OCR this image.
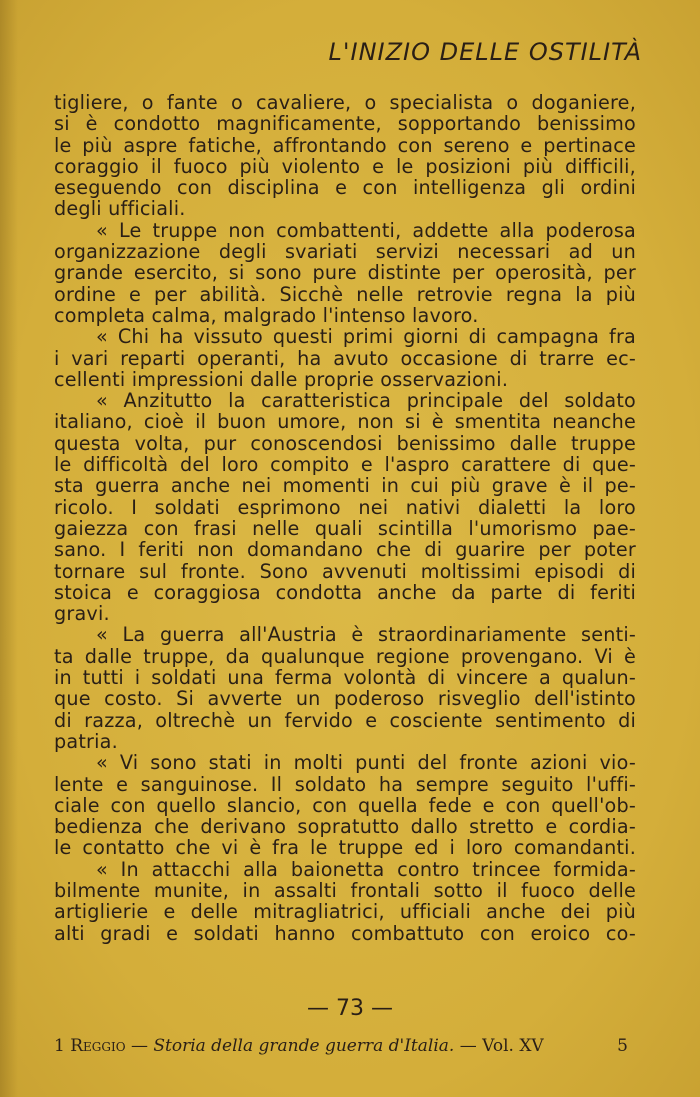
L'INIZIO DELLE OSTILITÀ
tigliere, o fante o cavaliere, o specialista o doganiere,
si è condotto magnificamente, sopportando benissimo
le più aspre fatiche, affrontando con sereno e pertinace
coraggio il fuoco più violento e le posizioni più difficili,
eseguendo con disciplina e con intelligenza gli ordini
degli ufficiali.
« Le truppe non combattenti, addette alla poderosa
organizzazione degli svariati servizi necessari ad un
grande esercito, si sono pure distinte per operosità, per
ordine e per abilità. Sicchè nelle retrovie regna la più
completa calma, malgrado l'intenso lavoro.
« Chi ha vissuto questi primi giorni di campagna fra
i vari reparti operanti, ha avuto occasione di trarre ec-
cellenti impressioni dalle proprie osservazioni.
« Anzitutto la caratteristica principale del soldato
italiano, cioè il buon umore, non si è smentita neanche
questa volta, pur conoscendosi benissimo dalle truppe
le difficoltà del loro compito e l'aspro carattere di que-
sta guerra anche nei momenti in cui più grave è il pe-
ricolo. I soldati esprimono nei nativi dialetti la loro
gaiezza con frasi nelle quali scintilla l'umorismo pae-
sano. I feriti non domandano che di guarire per poter
tornare sul fronte. Sono avvenuti moltissimi episodi di
stoica e coraggiosa condotta anche da parte di feriti
gravi.
« La guerra all'Austria è straordinariamente senti-
ta dalle truppe, da qualunque regione provengano. Vi è
in tutti i soldati una ferma volontà di vincere a qualun-
que costo. Si avverte un poderoso risveglio dell'istinto
di razza, oltrechè un fervido e cosciente sentimento di
patria.
« Vi sono stati in molti punti del fronte azioni vio-
lente e sanguinose. Il soldato ha sempre seguito l'uffi-
ciale con quello slancio, con quella fede e con quell'ob-
bedienza che derivano sopratutto dallo stretto e cordia-
le contatto che vi è fra le truppe ed i loro comandanti.
« In attacchi alla baionetta contro trincee formida-
bilmente munite, in assalti frontali sotto il fuoco delle
artiglierie e delle mitragliatrici, ufficiali anche dei più
alti gradi e soldati hanno combattuto con eroico co-
— 73 —
1 Reggio — Storia della grande guerra d'Italia. — Vol. XV	5
